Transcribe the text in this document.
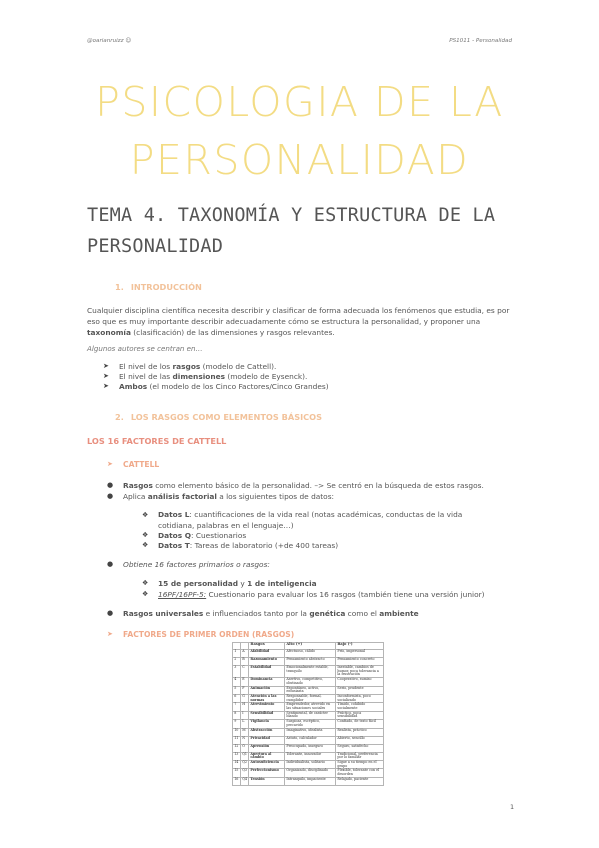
@oarianruizz ☺	PS1011 - Personalidad
PSICOLOGIA DE LA
PERSONALIDAD
TEMA 4. TAXONOMÍA Y ESTRUCTURA DE LA
PERSONALIDAD
1. INTRODUCCIÓN
Cualquier disciplina científica necesita describir y clasificar de forma adecuada los fenómenos que estudia, es por eso que es muy importante describir adecuadamente cómo se estructura la personalidad, y proponer una taxonomía (clasificación) de las dimensiones y rasgos relevantes.
Algunos autores se centran en…
➤ El nivel de los rasgos (modelo de Cattell).
➤ El nivel de las dimensiones (modelo de Eysenck).
➤ Ambos (el modelo de los Cinco Factores/Cinco Grandes)
2. LOS RASGOS COMO ELEMENTOS BÁSICOS
LOS 16 FACTORES DE CATTELL
➤ CATTELL
● Rasgos como elemento básico de la personalidad. –> Se centró en la búsqueda de estos rasgos.
● Aplica análisis factorial a los siguientes tipos de datos:
❖ Datos L: cuantificaciones de la vida real (notas académicas, conductas de la vida cotidiana, palabras en el lenguaje…)
❖ Datos Q: Cuestionarios
❖ Datos T: Tareas de laboratorio (+de 400 tareas)
● Obtiene 16 factores primarios o rasgos:
❖ 15 de personalidad y 1 de inteligencia
❖ 16PF/16PF-5: Cuestionario para evaluar los 16 rasgos (también tiene una versión junior)
● Rasgos universales e influenciados tanto por la genética como el ambiente
➤ FACTORES DE PRIMER ORDEN (RASGOS)
		Rasgos	Alto (+)	Bajo (-)
1	A	Afabilidad	Afectuoso, cálido	Frío, impersonal
2	B	Razonamiento	Pensamiento abstracto	Pensamiento concreto
3	C	Estabilidad	Emocionalmente estable, tranquilo	Inestable, cambios de humor, poca tolerancia a la frustración
4	E	Dominancia	Asertivo, competitivo, obstinado	Cooperativo, sumiso
5	F	Animación	Espontáneo, activo, entusiasta	Serio, prudente
6	G	Atención a las normas	Responsable, formal, cumplidor	Inconformista, poco socializado
7	H	Atrevimiento	Emprendedor, atrevido en las situaciones sociales	Tímido, cohibido socialmente
8	I	Sensibilidad	Sentimental, de carácter blando	Práctico, poca sensibilidad
9	L	Vigilancia	Suspicaz, escéptico, precavido	Confiado, de trato fácil
10	M	Abstracción	Imaginativo, idealista	Realista, práctico
11	N	Privacidad	Astuto, calculador	Abierto, sencillo
12	O	Aprensión	Preocupado, inseguro	Seguro, satisfecho
13	Q1	Apertura al cambio	Tolerante, innovador	Tradicional, preferencia por lo familiar
14	Q2	Autosuficiencia	Individualista, solitario	Sigue a su tiempo en el grupo
15	Q3	Perfeccionismo	Organizado, disciplinado	Flexible, tolerante con el desorden
16	Q4	Tensión	Intranquilo, impaciente	Relajado, paciente
1
